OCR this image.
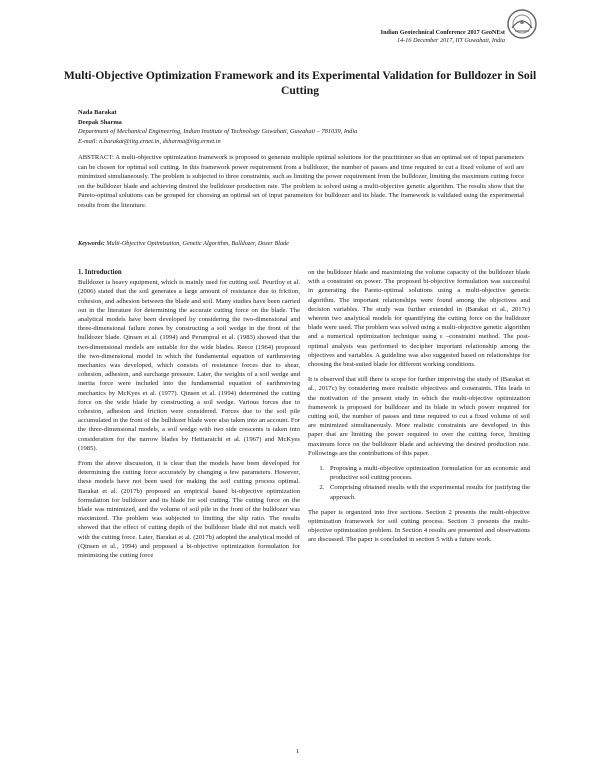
Indian Geotechnical Conference 2017 GeoNEst
14-16 December 2017, IIT Guwahati, India
Multi-Objective Optimization Framework and its Experimental Validation for Bulldozer in Soil Cutting
Nada Barakat
Deepak Sharma
Department of Mechanical Engineering, Indian Institute of Technology Guwahati, Guwahati – 781039, India
E-mail: n.barakat@iitg.ernet.in, dsharma@iitg.ernet.in
ABSTRACT: A multi-objective optimization framework is proposed to generate multiple optimal solutions for the practitioner so that an optimal set of input parameters can be chosen for optimal soil cutting. In this framework power requirement from a bulldozer, the number of passes and time required to cut a fixed volume of soil are minimized simultaneously. The problem is subjected to three constraints, such as limiting the power requirement from the bulldozer, limiting the maximum cutting force on the bulldozer blade and achieving desired the bulldozer production rate. The problem is solved using a multi-objective genetic algorithm. The results show that the Pareto-optimal solutions can be grouped for choosing an optimal set of input parameters for bulldozer and its blade. The framework is validated using the experimental results from the literature.
Keywords: Multi-Objective Optimization, Genetic Algorithm, Bulldozer, Dozer Blade
1. Introduction

Bulldozer is heavy equipment, which is mainly used for cutting soil. Peurifoy et al. (2006) stated that the soil generates a large amount of resistance due to friction, cohesion, and adhesion between the blade and soil. Many studies have been carried out in the literature for determining the accurate cutting force on the blade. The analytical models have been developed by considering the two-dimensional and three-dimensional failure zones by constructing a soil wedge in the front of the bulldozer blade. Qinsen et al. (1994) and Perumpral et al. (1983) showed that the two-dimensional models are suitable for the wide blades. Reece (1964) proposed the two-dimensional model in which the fundamental equation of earthmoving mechanics was developed, which consists of resistance forces due to shear, cohesion, adhesion, and surcharge pressure. Later, the weights of a soil wedge and inertia force were included into the fundamental equation of earthmoving mechanics by McKyes et al. (1977). Qinsen et al. (1994) determined the cutting force on the wide blade by constructing a soil wedge. Various forces due to cohesion, adhesion and friction were considered. Forces due to the soil pile accumulated in the front of the bulldozer blade were also taken into an account. For the three-dimensional models, a soil wedge with two side crescents is taken into consideration for the narrow blades by Hettiaratchi et al. (1967) and McKyes (1985).

From the above discussion, it is clear that the models have been developed for determining the cutting force accurately by changing a few parameters. However, these models have not been used for making the soil cutting process optimal. Barakat et al. (2017b) proposed an empirical based bi-objective optimization formulation for bulldozer and its blade for soil cutting. The cutting force on the blade was minimized, and the volume of soil pile in the front of the bulldozer was maximized. The problem was subjected to limiting the slip ratio. The results showed that the effect of cutting depth of the bulldozer blade did not match well with the cutting force. Later, Barakat et al. (2017b) adopted the analytical model of (Qinsen et al., 1994) and proposed a bi-objective optimization formulation for minimizing the cutting force

on the bulldozer blade and maximizing the volume capacity of the bulldozer blade with a constraint on power. The proposed bi-objective formulation was successful in generating the Pareto-optimal solutions using a multi-objective genetic algorithm. The important relationships were found among the objectives and decision variables. The study was further extended in (Barakat et al., 2017c) wherein two analytical models for quantifying the cutting force on the bulldozer blade were used. The problem was solved using a multi-objective genetic algorithm and a numerical optimization technique using ε –constraint method. The post-optimal analysis was performed to decipher important relationship among the objectives and variables. A guideline was also suggested based on relationships for choosing the best-suited blade for different working conditions.

It is observed that still there is scope for further improving the study of (Barakat et al., 2017c) by considering more realistic objectives and constraints. This leads to the motivation of the present study in which the multi-objective optimization framework is proposed for bulldozer and its blade in which power required for cutting soil, the number of passes and time required to cut a fixed volume of soil are minimized simultaneously. More realistic constraints are developed in this paper that are limiting the power required to over the cutting force, limiting maximum force on the bulldozer blade and achieving the desired production rate. Followings are the contributions of this paper.

1. Proposing a multi-objective optimization formulation for an economic and productive soil cutting process.
2. Comprising obtained results with the experimental results for justifying the approach.

The paper is organized into five sections. Section 2 presents the multi-objective optimization framework for soil cutting process. Section 3 presents the multi-objective optimization problem. In Section 4 results are presented and observations are discussed. The paper is concluded in section 5 with a future work.

1
